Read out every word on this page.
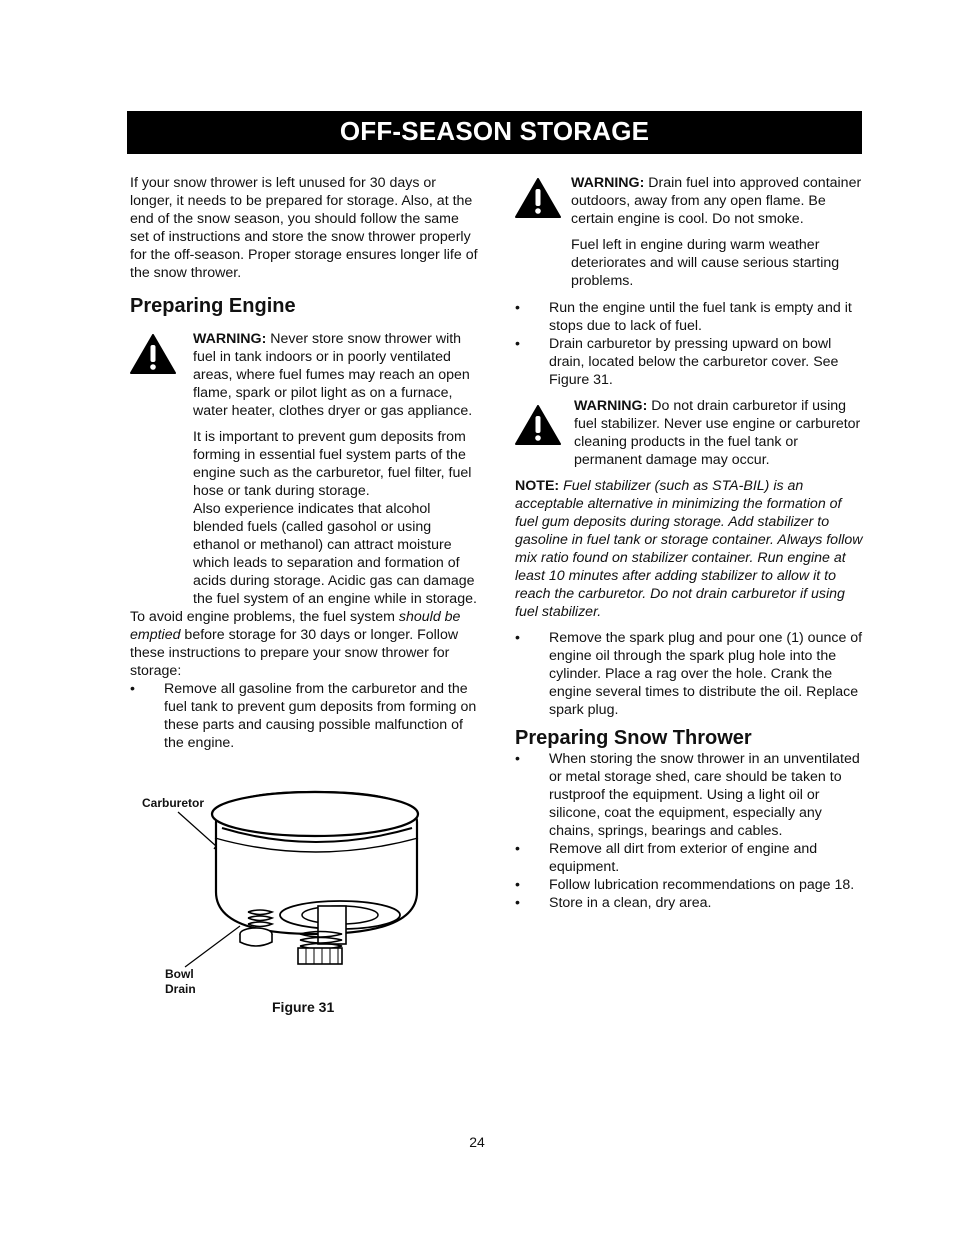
OFF-SEASON STORAGE

If your snow thrower is left unused for 30 days or longer, it needs to be prepared for storage. Also, at the end of the snow season, you should follow the same set of instructions and store the snow thrower properly for the off-season. Proper storage ensures longer life of the snow thrower.

Preparing Engine

WARNING: Never store snow thrower with fuel in tank indoors or in poorly ventilated areas, where fuel fumes may reach an open flame, spark or pilot light as on a furnace, water heater, clothes dryer or gas appliance.

It is important to prevent gum deposits from forming in essential fuel system parts of the engine such as the carburetor, fuel filter, fuel hose or tank during storage.

Also experience indicates that alcohol blended fuels (called gasohol or using ethanol or methanol) can attract moisture which leads to separation and formation of acids during storage. Acidic gas can damage the fuel system of an engine while in storage.

To avoid engine problems, the fuel system should be emptied before storage for 30 days or longer. Follow these instructions to prepare your snow thrower for storage:

• Remove all gasoline from the carburetor and the fuel tank to prevent gum deposits from forming on these parts and causing possible malfunction of the engine.
Carburetor
Bowl
Drain
Figure 31

WARNING: Drain fuel into approved container outdoors, away from any open flame. Be certain engine is cool. Do not smoke.

Fuel left in engine during warm weather deteriorates and will cause serious starting problems.

• Run the engine until the fuel tank is empty and it stops due to lack of fuel.
• Drain carburetor by pressing upward on bowl drain, located below the carburetor cover. See Figure 31.

WARNING: Do not drain carburetor if using fuel stabilizer. Never use engine or carburetor cleaning products in the fuel tank or permanent damage may occur.

NOTE: Fuel stabilizer (such as STA-BIL) is an acceptable alternative in minimizing the formation of fuel gum deposits during storage. Add stabilizer to gasoline in fuel tank or storage container. Always follow mix ratio found on stabilizer container. Run engine at least 10 minutes after adding stabilizer to allow it to reach the carburetor. Do not drain carburetor if using fuel stabilizer.

• Remove the spark plug and pour one (1) ounce of engine oil through the spark plug hole into the cylinder. Place a rag over the hole. Crank the engine several times to distribute the oil. Replace spark plug.
Preparing Snow Thrower
• When storing the snow thrower in an unventilated or metal storage shed, care should be taken to rustproof the equipment. Using a light oil or silicone, coat the equipment, especially any chains, springs, bearings and cables.
• Remove all dirt from exterior of engine and equipment.
• Follow lubrication recommendations on page 18.
• Store in a clean, dry area.
24
